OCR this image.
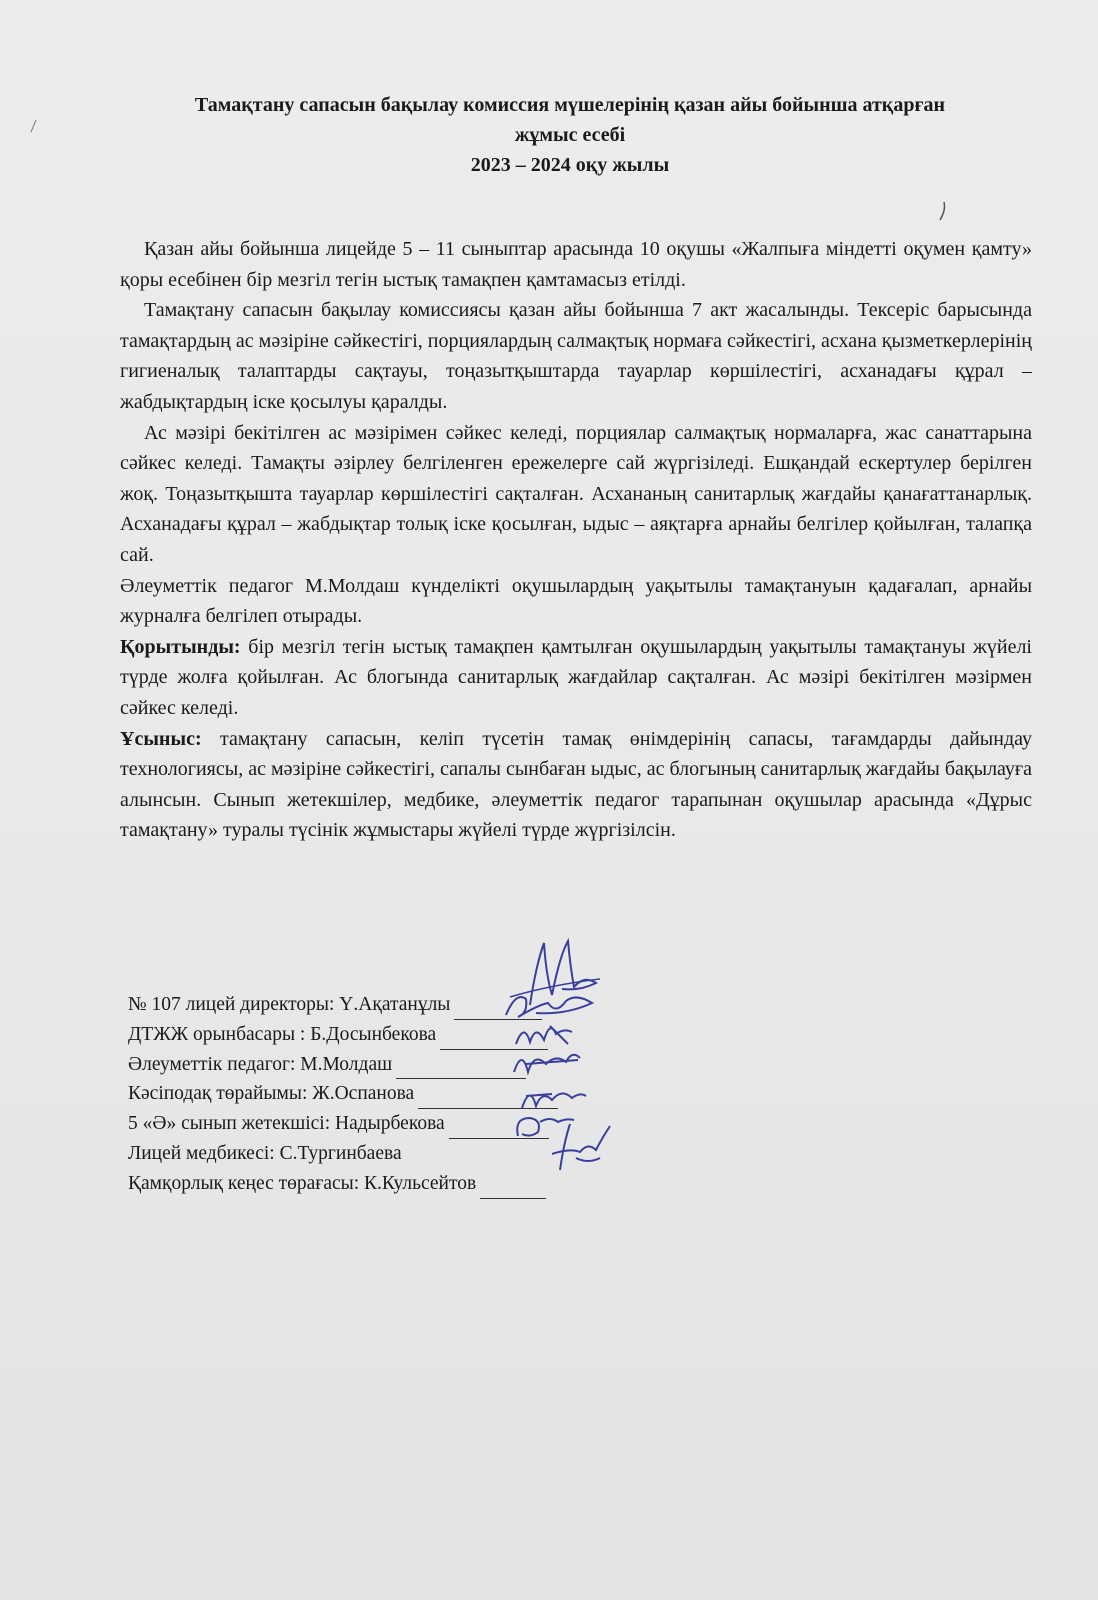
Тамақтану сапасын бақылау комиссия мүшелерінің қазан айы бойынша атқарған
жұмыс есебі
2023 – 2024 оқу жылы

Қазан айы бойынша лицейде 5 – 11 сыныптар арасында 10 оқушы «Жалпыға міндетті оқумен қамту» қоры есебінен бір мезгіл тегін ыстық тамақпен қамтамасыз етілді.

Тамақтану сапасын бақылау комиссиясы қазан айы бойынша 7 акт жасалынды. Тексеріс барысында тамақтардың ас мәзіріне сәйкестігі, порциялардың салмақтық нормаға сәйкестігі, асхана қызметкерлерінің гигиеналық талаптарды сақтауы, тоңазытқыштарда тауарлар көршілестігі, асханадағы құрал – жабдықтардың іске қосылуы қаралды.

Ас мәзірі бекітілген ас мәзірімен сәйкес келеді, порциялар салмақтық нормаларға, жас санаттарына сәйкес келеді. Тамақты әзірлеу белгіленген ережелерге сай жүргізіледі. Ешқандай ескертулер берілген жоқ. Тоңазытқышта тауарлар көршілестігі сақталған. Асхананың санитарлық жағдайы қанағаттанарлық. Асханадағы құрал – жабдықтар толық іске қосылған, ыдыс – аяқтарға арнайы белгілер қойылған, талапқа сай.

Әлеуметтік педагог М.Молдаш күнделікті оқушылардың уақытылы тамақтануын қадағалап, арнайы журналға белгілеп отырады.

Қорытынды: бір мезгіл тегін ыстық тамақпен қамтылған оқушылардың уақытылы тамақтануы жүйелі түрде жолға қойылған. Ас блогында санитарлық жағдайлар сақталған. Ас мәзірі бекітілген мәзірмен сәйкес келеді.

Ұсыныс: тамақтану сапасын, келіп түсетін тамақ өнімдерінің сапасы, тағамдарды дайындау технологиясы, ас мәзіріне сәйкестігі, сапалы сынбаған ыдыс, ас блогының санитарлық жағдайы бақылауға алынсын. Сынып жетекшілер, медбике, әлеуметтік педагог тарапынан оқушылар арасында «Дұрыс тамақтану» туралы түсінік жұмыстары жүйелі түрде жүргізілсін.

№ 107 лицей директоры: Ү.Ақатанұлы
ДТЖЖ орынбасары : Б.Досынбекова
Әлеуметтік педагог: М.Молдаш
Кәсіподақ төрайымы: Ж.Оспанова
5 «Ә» сынып жетекшісі: Надырбекова
Лицей медбикесі: С.Тургинбаева
Қамқорлық кеңес төрағасы: К.Кульсейтов
